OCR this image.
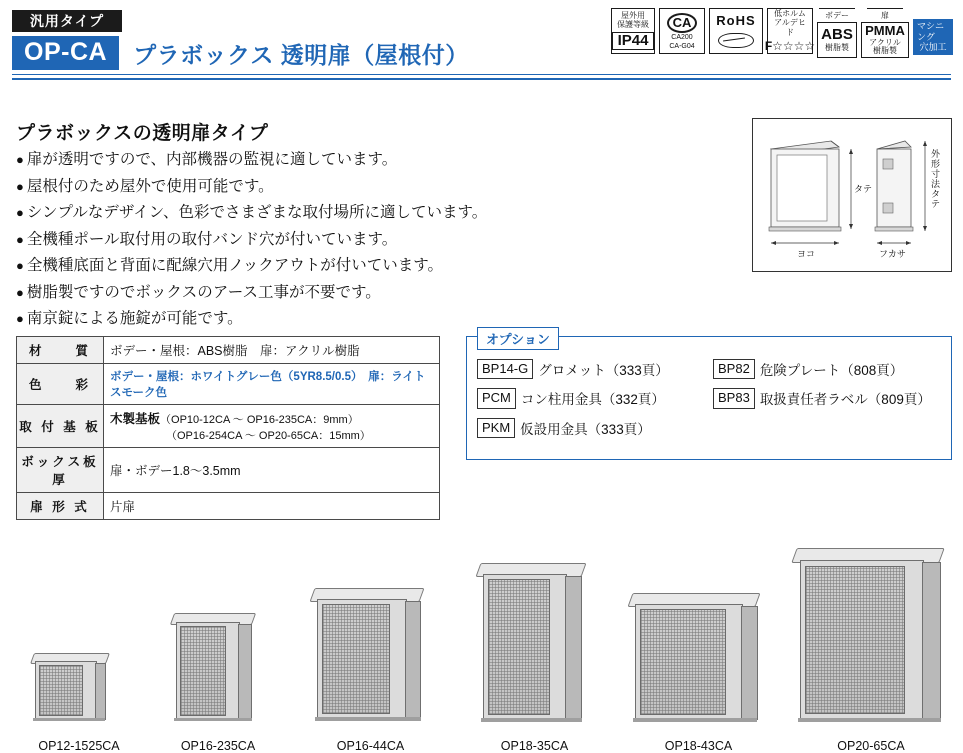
汎用タイプ
OP-CA	プラボックス 透明扉（屋根付）
屋外用
保護等級
IP44
CA
CA200
CA-G04
RoHS 低ホルム
アルデヒド
F☆☆☆☆
ボデー
ABS
樹脂製
扉
PMMA
アクリル
樹脂製
マシニング
穴加工
プラボックスの透明扉タイプ
● 扉が透明ですので、内部機器の監視に適しています。
● 屋根付のため屋外で使用可能です。
● シンプルなデザイン、色彩でさまざまな取付場所に適しています。
● 全機種ポール取付用の取付バンド穴が付いています。
● 全機種底面と背面に配線穴用ノックアウトが付いています。
● 樹脂製ですのでボックスのアース工事が不要です。
● 南京錠による施錠が可能です。
ヨコ
タテ
フカサ
外形寸法タテ
材　　質	ボデー・屋根：ABS樹脂　扉：アクリル樹脂
色　　彩	ボデー・屋根：ホワイトグレー色（5YR8.5/0.5）　扉：ライトスモーク色
取 付 基 板	木製基板（OP10-12CA ～ OP16-235CA：9mm）
（OP16-254CA ～ OP20-65CA：15mm）
ボックス板厚	扉・ボデー1.8～3.5mm
扉 形 式	片扉
オプション
BP14-G グロメット（333頁）	BP82 危険プレート（808頁）
PCM コン柱用金具（332頁）	BP83 取扱責任者ラベル（809頁）
PKM 仮設用金具（333頁）
OP12-1525CA	OP16-235CA	OP16-44CA	OP18-35CA	OP18-43CA	OP20-65CA
